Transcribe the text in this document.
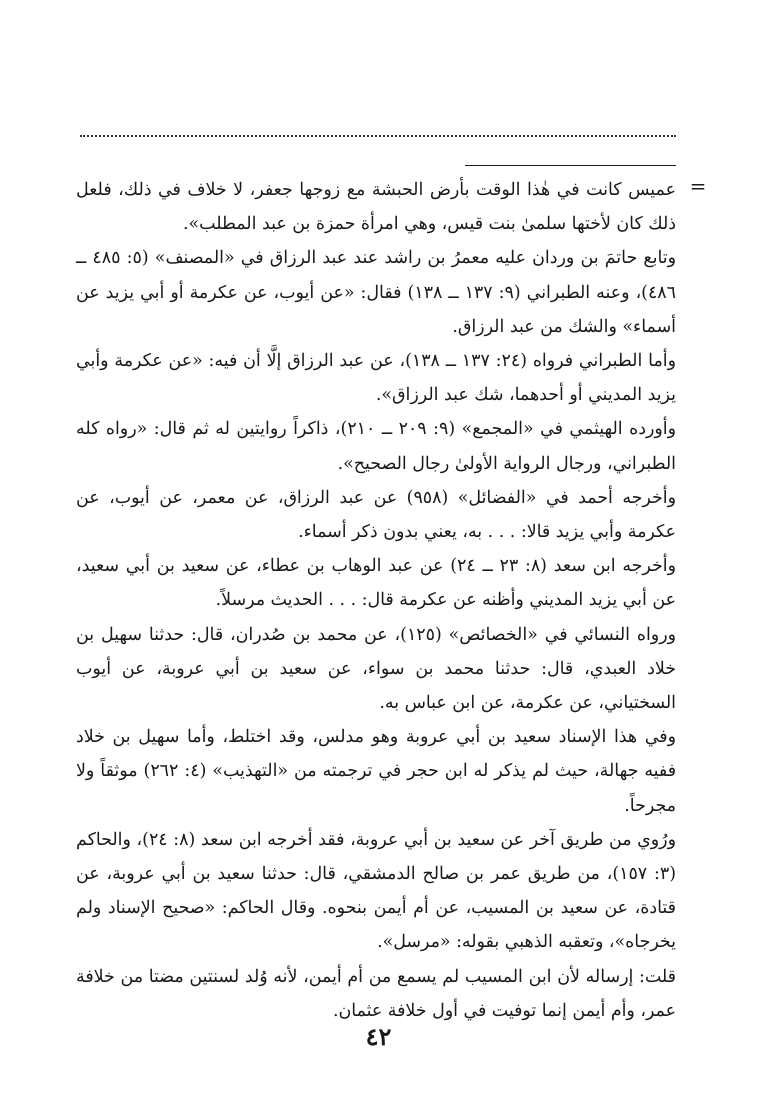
=

عميس كانت في هٰذا الوقت بأرض الحبشة مع زوجها جعفر، لا خلاف في ذلك، فلعل ذلك كان لأختها سلمىٰ بنت قيس، وهي امرأة حمزة بن عبد المطلب».

وتابع حاتمَ بن وردان عليه معمرُ بن راشد عند عبد الرزاق في «المصنف» (٥: ٤٨٥ ــ ٤٨٦)، وعنه الطبراني (٩: ١٣٧ ــ ١٣٨) فقال: «عن أيوب، عن عكرمة أو أبي يزيد عن أسماء» والشك من عبد الرزاق.

وأما الطبراني فرواه (٢٤: ١٣٧ ــ ١٣٨)، عن عبد الرزاق إلَّا أن فيه: «عن عكرمة وأبي يزيد المديني أو أحدهما، شك عبد الرزاق».

وأورده الهيثمي في «المجمع» (٩: ٢٠٩ ــ ٢١٠)، ذاكراً روايتين له ثم قال: «رواه كله الطبراني، ورجال الرواية الأولىٰ رجال الصحيح».

وأخرجه أحمد في «الفضائل» (٩٥٨) عن عبد الرزاق، عن معمر، عن أيوب، عن عكرمة وأبي يزيد قالا: . . . به، يعني بدون ذكر أسماء.

وأخرجه ابن سعد (٨: ٢٣ ــ ٢٤) عن عبد الوهاب بن عطاء، عن سعيد بن أبي سعيد، عن أبي يزيد المديني وأظنه عن عكرمة قال: . . . الحديث مرسلاً.

ورواه النسائي في «الخصائص» (١٢٥)، عن محمد بن صُدران، قال: حدثنا سهيل بن خلاد العبدي، قال: حدثنا محمد بن سواء، عن سعيد بن أبي عروبة، عن أيوب السختياني، عن عكرمة، عن ابن عباس به.

وفي هذا الإسناد سعيد بن أبي عروبة وهو مدلس، وقد اختلط، وأما سهيل بن خلاد ففيه جهالة، حيث لم يذكر له ابن حجر في ترجمته من «التهذيب» (٤: ٢٦٢) موثقاً ولا مجرحاً.

ورُوي من طريق آخر عن سعيد بن أبي عروبة، فقد أخرجه ابن سعد (٨: ٢٤)، والحاكم (٣: ١٥٧)، من طريق عمر بن صالح الدمشقي، قال: حدثنا سعيد بن أبي عروبة، عن قتادة، عن سعيد بن المسيب، عن أم أيمن بنحوه. وقال الحاكم: «صحيح الإسناد ولم يخرجاه»، وتعقبه الذهبي بقوله: «مرسل».

قلت: إرساله لأن ابن المسيب لم يسمع من أم أيمن، لأنه وُلد لسنتين مضتا من خلافة عمر، وأم أيمن إنما توفيت في أول خلافة عثمان.

٤٢
